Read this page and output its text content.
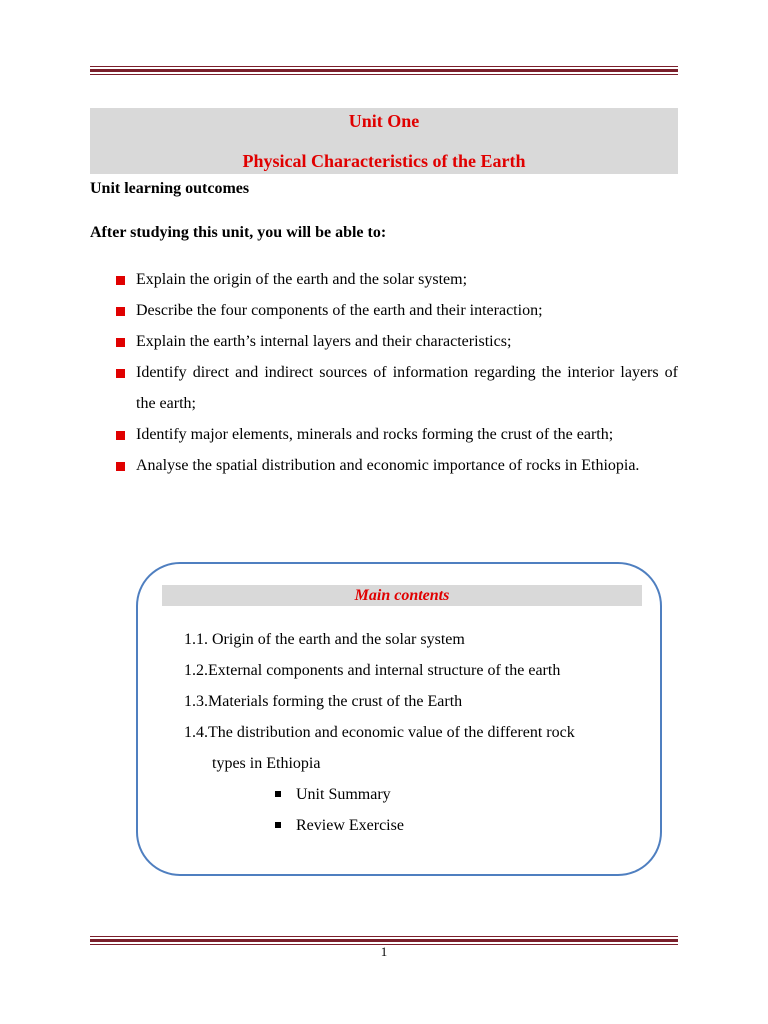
Unit One
Physical Characteristics of the Earth
Unit learning outcomes
After studying this unit, you will be able to:
Explain the origin of the earth and the solar system;
Describe the four components of the earth and their interaction;
Explain the earth’s internal layers and their characteristics;
Identify direct and indirect sources of information regarding the interior layers of the earth;
Identify major elements, minerals and rocks forming the crust of the earth;
Analyse the spatial distribution and economic importance of rocks in Ethiopia.
Main contents
1.1. Origin of the earth and the solar system
1.2.External components and internal structure of the earth
1.3.Materials forming the crust of the Earth
1.4.The distribution and economic value of the different rock
types in Ethiopia
Unit Summary
Review Exercise
1
